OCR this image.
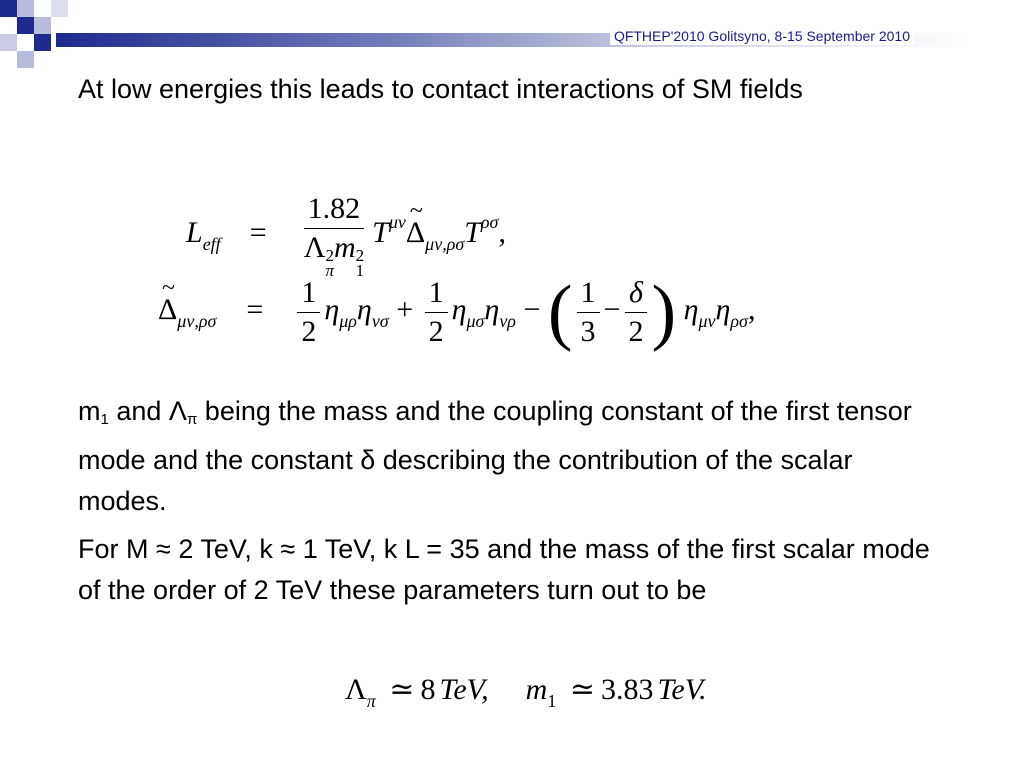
QFTHEP'2010 Golitsyno, 8-15 September 2010

At low energies this leads to contact interactions of SM fields

$L_{eff} = 1.82$
Λ 2
π
m 2
1 $T^{\mu\nu}\sim$ $\Delta_{\mu\nu,\rho\sigma}T^{\rho\sigma}$,
~ $\Delta_{\mu\nu,\rho\sigma} = \frac{1}{2} \eta_{\mu\rho}\eta_{\nu\sigma} + \frac{1}{2} \eta_{\mu\sigma}\eta_{\nu\rho}$ − ( $\frac{1}{3} - \frac{\delta}{2}$ ) $\eta_{\mu\nu}\eta_{\rho\sigma}$,

$m_1$ and $\Lambda_\pi$ being the mass and the coupling constant of the first tensor mode and the constant δ describing the contribution of the scalar modes.

For M ≈ 2 TeV, k ≈ 1 TeV, k L = 35 and the mass of the first scalar mode of the order of 2 TeV these parameters turn out to be

$\Lambda_\pi$ ≃ 8 TeV, $m_1$ ≃ 3.83 TeV.
